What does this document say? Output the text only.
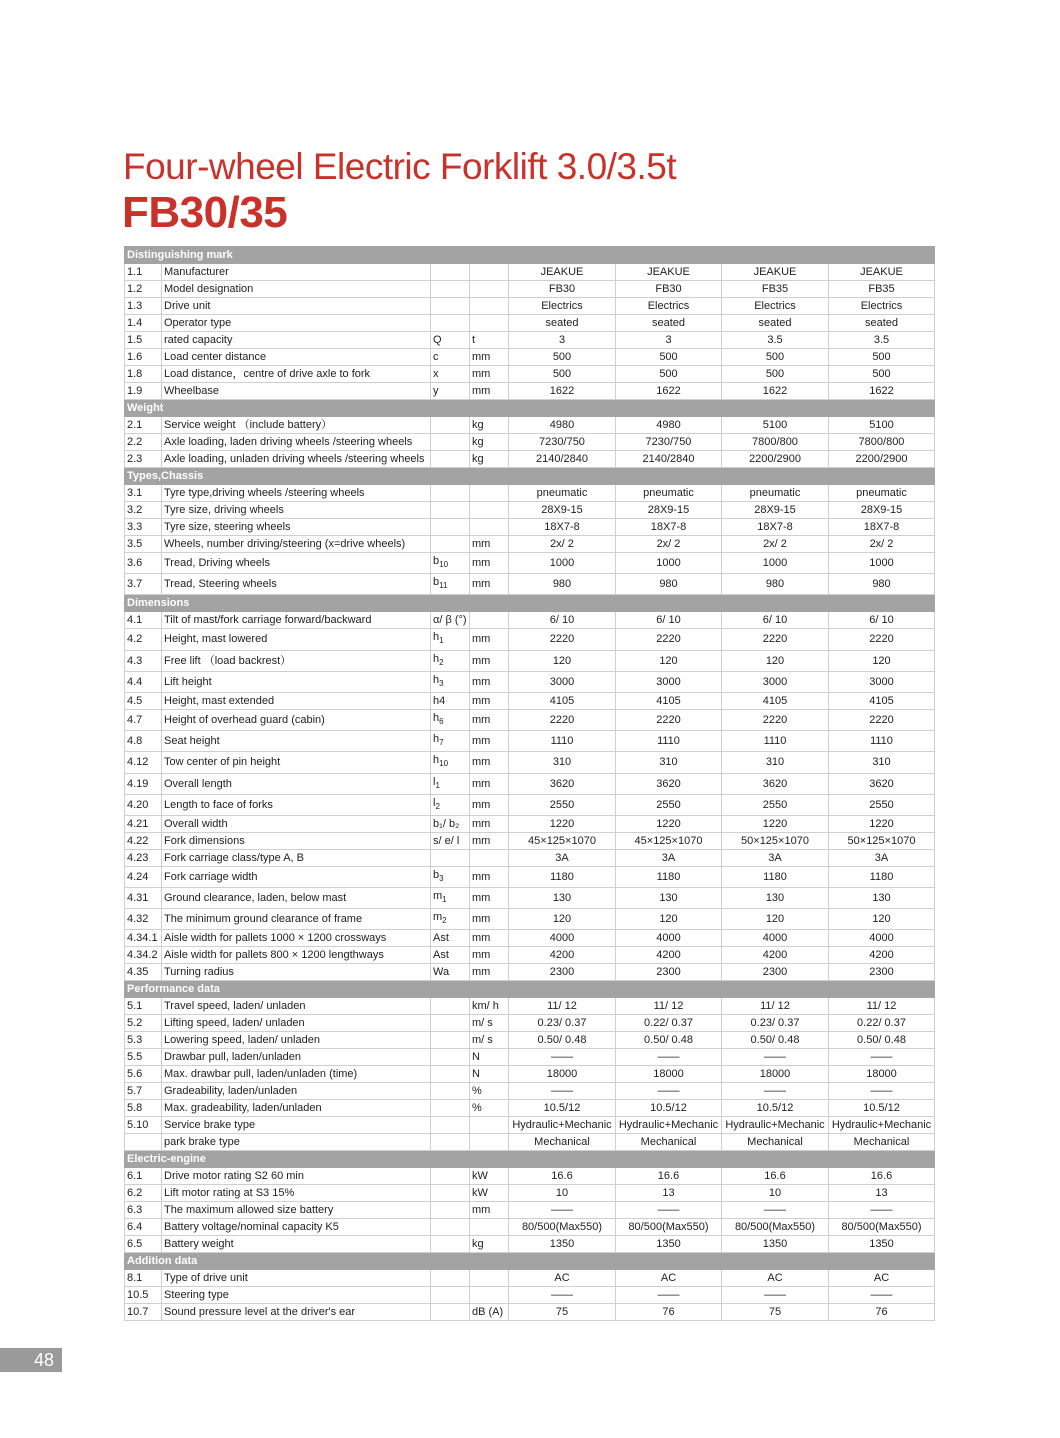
Four-wheel Electric Forklift 3.0/3.5t
FB30/35
Distinguishing mark							
1.1	Manufacturer			JEAKUE	JEAKUE	JEAKUE	JEAKUE
1.2	Model designation			FB30	FB30	FB35	FB35
1.3	Drive unit			Electrics	Electrics	Electrics	Electrics
1.4	Operator type			seated	seated	seated	seated
1.5	rated capacity	Q	t	3	3	3.5	3.5
1.6	Load center distance	c	mm	500	500	500	500
1.8	Load distance，centre of drive axle to fork	x	mm	500	500	500	500
1.9	Wheelbase	y	mm	1622	1622	1622	1622
Weight							
2.1	Service weight （include battery）		kg	4980	4980	5100	5100
2.2	Axle loading, laden driving wheels /steering wheels		kg	7230/750	7230/750	7800/800	7800/800
2.3	Axle loading, unladen driving wheels /steering wheels		kg	2140/2840	2140/2840	2200/2900	2200/2900
Types,Chassis							
3.1	Tyre type,driving wheels /steering wheels			pneumatic	pneumatic	pneumatic	pneumatic
3.2	Tyre size, driving wheels			28X9-15	28X9-15	28X9-15	28X9-15
3.3	Tyre size, steering wheels			18X7-8	18X7-8	18X7-8	18X7-8
3.5	Wheels, number driving/steering (x=drive wheels)		mm	2x/ 2	2x/ 2	2x/ 2	2x/ 2
3.6	Tread, Driving wheels	$b_{10}$	mm	1000	1000	1000	1000
3.7	Tread, Steering wheels	$b_{11}$	mm	980	980	980	980
Dimensions							
4.1	Tilt of mast/fork carriage forward/backward	α/ β (°)		6/ 10	6/ 10	6/ 10	6/ 10
4.2	Height, mast lowered	$h_1$	mm	2220	2220	2220	2220
4.3	Free lift （load backrest）	$h_2$	mm	120	120	120	120
4.4	Lift height	$h_3$	mm	3000	3000	3000	3000
4.5	Height, mast extended	h4	mm	4105	4105	4105	4105
4.7	Height of overhead guard (cabin)	$h_6$	mm	2220	2220	2220	2220
4.8	Seat height	$h_7$	mm	1110	1110	1110	1110
4.12	Tow center of pin height	$h_{10}$	mm	310	310	310	310
4.19	Overall length	$l_1$	mm	3620	3620	3620	3620
4.20	Length to face of forks	$l_2$	mm	2550	2550	2550	2550
4.21	Overall width	b₁/ b₂	mm	1220	1220	1220	1220
4.22	Fork dimensions	s/ e/ l	mm	45×125×1070	45×125×1070	50×125×1070	50×125×1070
4.23	Fork carriage class/type A, B			3A	3A	3A	3A
4.24	Fork carriage width	$b_3$	mm	1180	1180	1180	1180
4.31	Ground clearance, laden, below mast	$m_1$	mm	130	130	130	130
4.32	The minimum ground clearance of frame	$m_2$	mm	120	120	120	120
4.34.1	Aisle width for pallets 1000 × 1200 crossways	Ast	mm	4000	4000	4000	4000
4.34.2	Aisle width for pallets 800 × 1200 lengthways	Ast	mm	4200	4200	4200	4200
4.35	Turning radius	Wa	mm	2300	2300	2300	2300
Performance data							
5.1	Travel speed, laden/ unladen		km/ h	11/ 12	11/ 12	11/ 12	11/ 12
5.2	Lifting speed, laden/ unladen		m/ s	0.23/ 0.37	0.22/ 0.37	0.23/ 0.37	0.22/ 0.37
5.3	Lowering speed, laden/ unladen		m/ s	0.50/ 0.48	0.50/ 0.48	0.50/ 0.48	0.50/ 0.48
5.5	Drawbar pull, laden/unladen		N	——	——	——	——
5.6	Max. drawbar pull, laden/unladen (time)		N	18000	18000	18000	18000
5.7	Gradeability, laden/unladen		%	——	——	——	——
5.8	Max. gradeability, laden/unladen		%	10.5/12	10.5/12	10.5/12	10.5/12
5.10	Service brake type			Hydraulic+Mechanic	Hydraulic+Mechanic	Hydraulic+Mechanic	Hydraulic+Mechanic
	park brake type			Mechanical	Mechanical	Mechanical	Mechanical
Electric-engine							
6.1	Drive motor rating S2 60 min		kW	16.6	16.6	16.6	16.6
6.2	Lift motor rating at S3 15%		kW	10	13	10	13
6.3	The maximum allowed size battery		mm	——	——	——	——
6.4	Battery voltage/nominal capacity K5			80/500(Max550)	80/500(Max550)	80/500(Max550)	80/500(Max550)
6.5	Battery weight		kg	1350	1350	1350	1350
Addition data							
8.1	Type of drive unit			AC	AC	AC	AC
10.5	Steering type			——	——	——	——
10.7	Sound pressure level at the driver's ear		dB (A)	75	76	75	76
48
